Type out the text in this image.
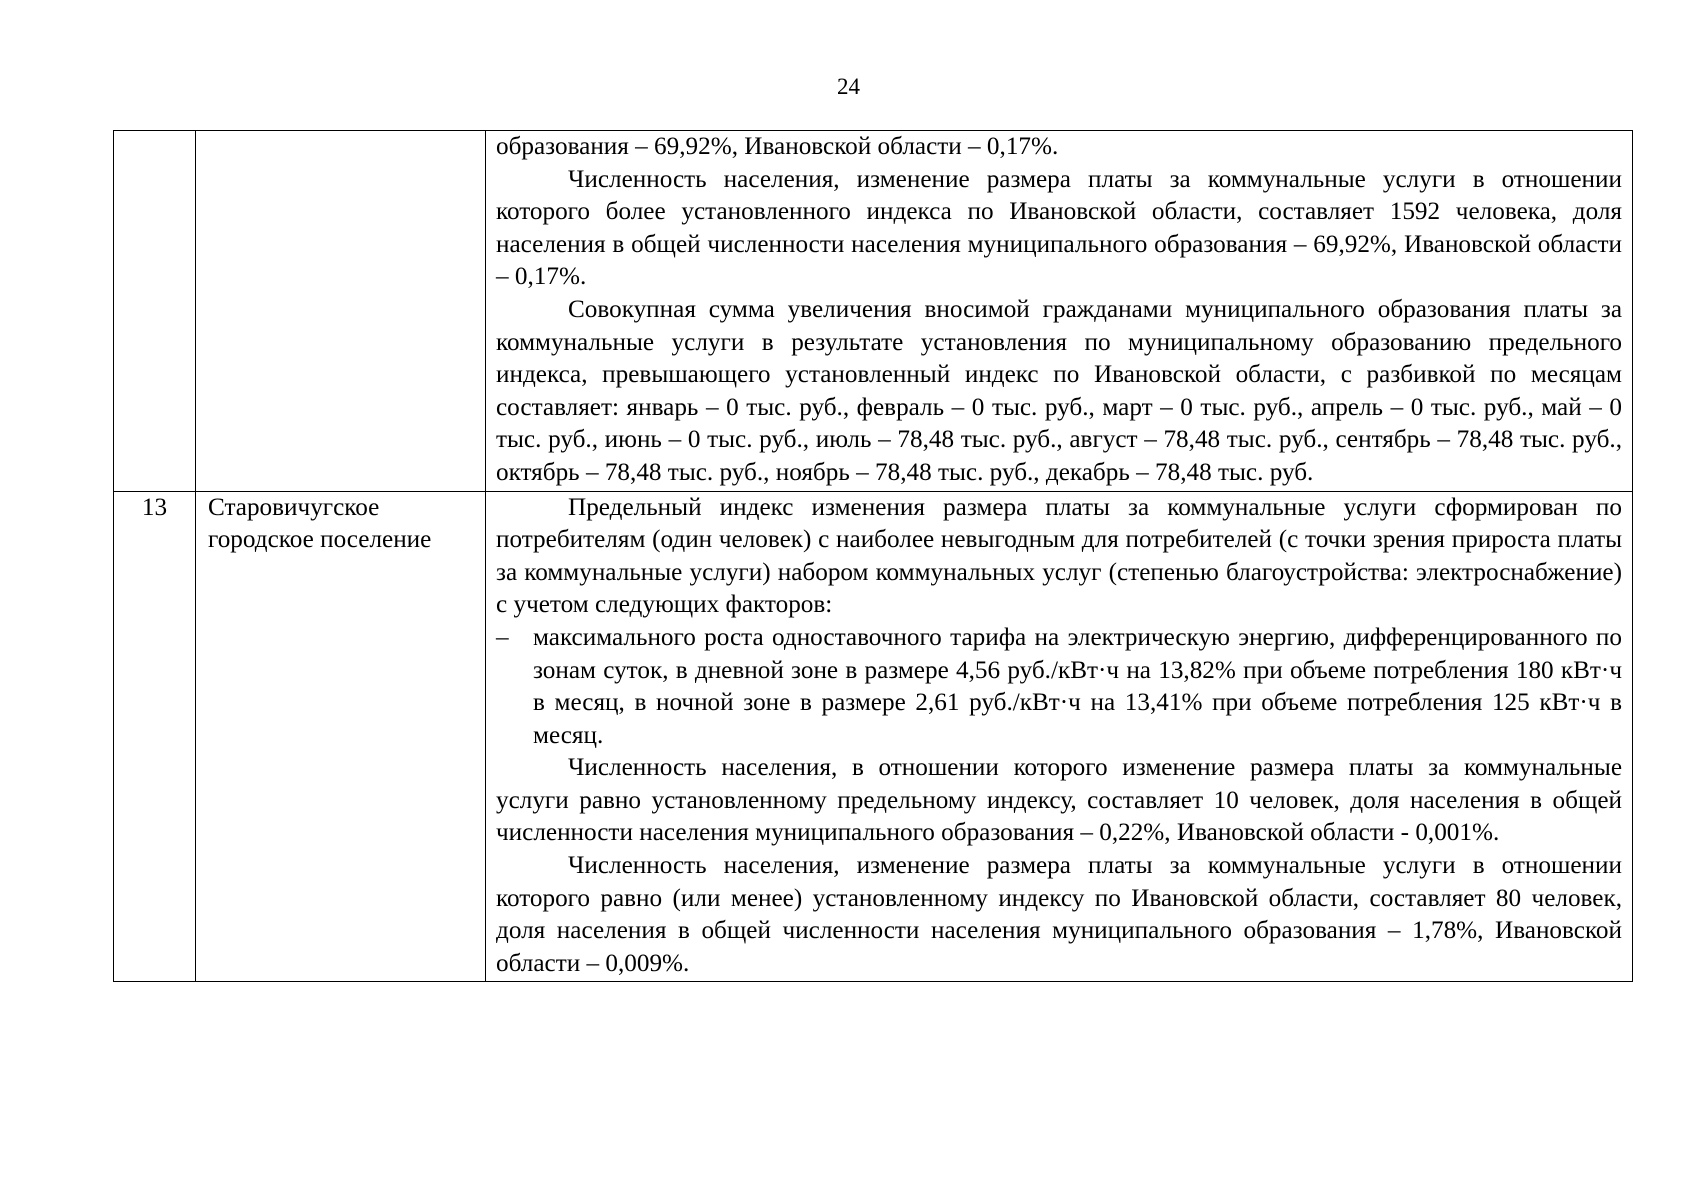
24

		образования – 69,92%, Ивановской области – 0,17%.

Численность населения, изменение размера платы за коммунальные услуги в отношении которого более установленного индекса по Ивановской области, составляет 1592 человека, доля населения в общей численности населения муниципального образования – 69,92%, Ивановской области – 0,17%.

Совокупная сумма увеличения вносимой гражданами муниципального образования платы за коммунальные услуги в результате установления по муниципальному образованию предельного индекса, превышающего установленный индекс по Ивановской области, с разбивкой по месяцам составляет: январь – 0 тыс. руб., февраль – 0 тыс. руб., март – 0 тыс. руб., апрель – 0 тыс. руб., май – 0 тыс. руб., июнь – 0 тыс. руб., июль – 78,48 тыс. руб., август – 78,48 тыс. руб., сентябрь – 78,48 тыс. руб., октябрь – 78,48 тыс. руб., ноябрь – 78,48 тыс. руб., декабрь – 78,48 тыс. руб.

13	Старовичугское городское поселение	Предельный индекс изменения размера платы за коммунальные услуги сформирован по потребителям (один человек) с наиболее невыгодным для потребителей (с точки зрения прироста платы за коммунальные услуги) набором коммунальных услуг (степенью благоустройства: электроснабжение) с учетом следующих факторов:

– максимального роста одноставочного тарифа на электрическую энергию, дифференцированного по зонам суток, в дневной зоне в размере 4,56 руб./кВт·ч на 13,82% при объеме потребления 180 кВт·ч в месяц, в ночной зоне в размере 2,61 руб./кВт·ч на 13,41% при объеме потребления 125 кВт·ч в месяц.

Численность населения, в отношении которого изменение размера платы за коммунальные услуги равно установленному предельному индексу, составляет 10 человек, доля населения в общей численности населения муниципального образования – 0,22%, Ивановской области - 0,001%.

Численность населения, изменение размера платы за коммунальные услуги в отношении которого равно (или менее) установленному индексу по Ивановской области, составляет 80 человек, доля населения в общей численности населения муниципального образования – 1,78%, Ивановской области – 0,009%.
